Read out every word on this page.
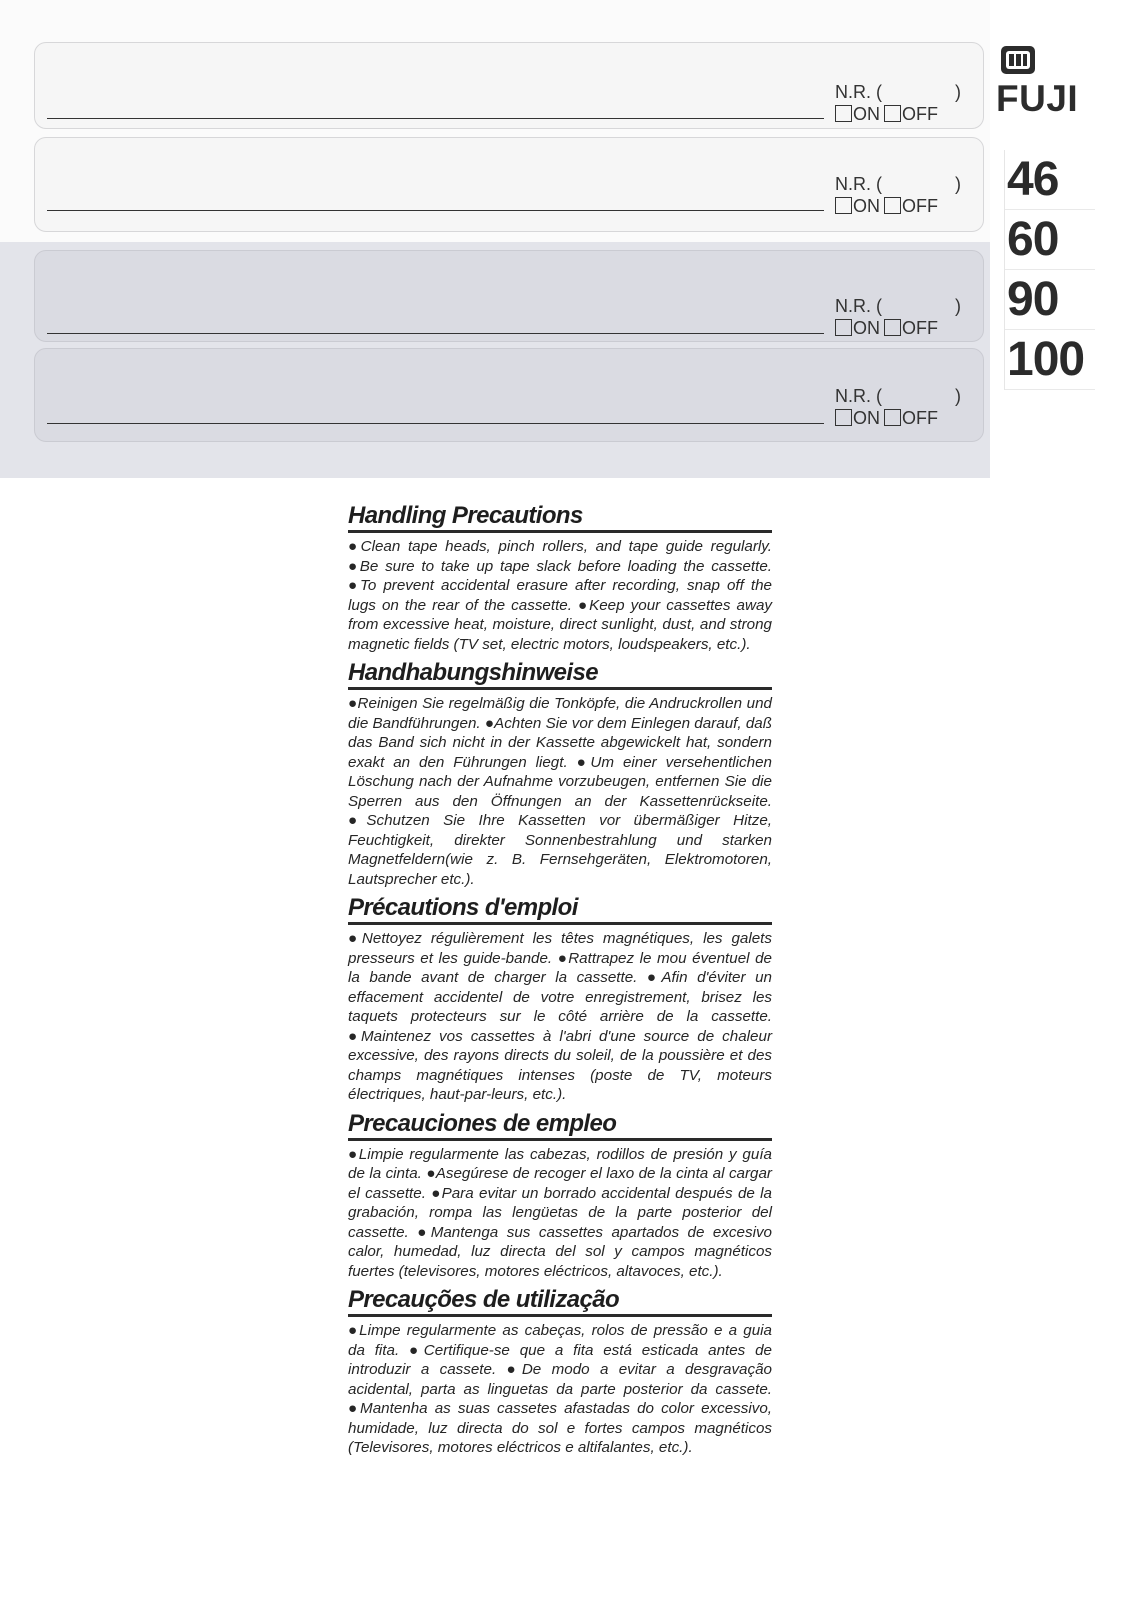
N.R. (	)
ON OFF
N.R. (	)
ON OFF
N.R. (	)
ON OFF
N.R. (	)
ON OFF
FUJI
46
60
90
100
Handling Precautions
●Clean tape heads, pinch rollers, and tape guide regularly. ●Be sure to take up tape slack before loading the cassette. ●To prevent accidental erasure after recording, snap off the lugs on the rear of the cassette. ●Keep your cassettes away from excessive heat, moisture, direct sunlight, dust, and strong magnetic fields (TV set, electric motors, loudspeakers, etc.).
Handhabungshinweise
●Reinigen Sie regelmäßig die Tonköpfe, die Andruckrollen und die Bandführungen. ●Achten Sie vor dem Einlegen darauf, daß das Band sich nicht in der Kassette abgewickelt hat, sondern exakt an den Führungen liegt. ●Um einer versehentlichen Löschung nach der Aufnahme vorzubeugen, entfernen Sie die Sperren aus den Öffnungen an der Kassettenrückseite. ●Schutzen Sie Ihre Kassetten vor übermäßiger Hitze, Feuchtigkeit, direkter Sonnenbestrahlung und starken Magnetfeldern(wie z. B. Fernsehgeräten, Elektromotoren, Lautsprecher etc.).
Précautions d'emploi
●Nettoyez régulièrement les têtes magnétiques, les galets presseurs et les guide-bande. ●Rattrapez le mou éventuel de la bande avant de charger la cassette. ●Afin d'éviter un effacement accidentel de votre enregistrement, brisez les taquets protecteurs sur le côté arrière de la cassette. ●Maintenez vos cassettes à l'abri d'une source de chaleur excessive, des rayons directs du soleil, de la poussière et des champs magnétiques intenses (poste de TV, moteurs électriques, haut-par-leurs, etc.).
Precauciones de empleo
●Limpie regularmente las cabezas, rodillos de presión y guía de la cinta. ●Asegúrese de recoger el laxo de la cinta al cargar el cassette. ●Para evitar un borrado accidental después de la grabación, rompa las lengüetas de la parte posterior del cassette. ●Mantenga sus cassettes apartados de excesivo calor, humedad, luz directa del sol y campos magnéticos fuertes (televisores, motores eléctricos, altavoces, etc.).
Precauções de utilização
●Limpe regularmente as cabeças, rolos de pressão e a guia da fita. ●Certifique-se que a fita está esticada antes de introduzir a cassete. ●De modo a evitar a desgravação acidental, parta as linguetas da parte posterior da cassete. ●Mantenha as suas cassetes afastadas do color excessivo, humidade, luz directa do sol e fortes campos magnéticos (Televisores, motores eléctricos e altifalantes, etc.).
